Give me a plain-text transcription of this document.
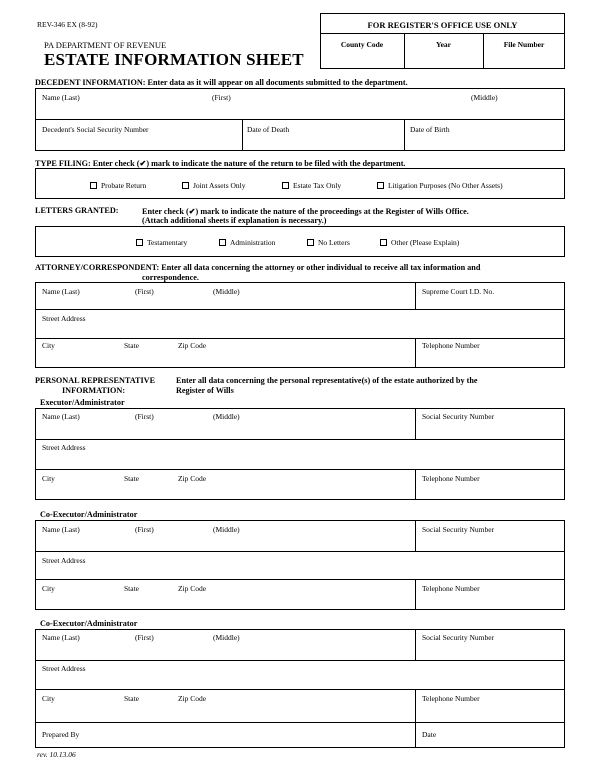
REV-346 EX (8-92)
PA DEPARTMENT OF REVENUE
ESTATE INFORMATION SHEET
FOR REGISTER'S OFFICE USE ONLY
County Code	Year	File Number
DECEDENT INFORMATION: Enter data as it will appear on all documents submitted to the department.
Name (Last)	(First)	(Middle)
Decedent's Social Security Number	Date of Death	Date of Birth
TYPE FILING: Enter check (✔) mark to indicate the nature of the return to be filed with the department.
Probate Return	Joint Assets Only	Estate Tax Only	Litigation Purposes (No Other Assets)
LETTERS GRANTED:	Enter check (✔) mark to indicate the nature of the proceedings at the Register of Wills Office.
(Attach additional sheets if explanation is necessary.)
Testamentary	Administration	No Letters	Other (Please Explain)
ATTORNEY/CORRESPONDENT: Enter all data concerning the attorney or other individual to receive all tax information and
correspondence.
Name (Last)	(First)	(Middle)	Supreme Court I.D. No.
Street Address
City	State	Zip Code	Telephone Number
PERSONAL REPRESENTATIVE
INFORMATION:
Enter all data concerning the personal representative(s) of the estate authorized by the
Register of Wills
Executor/Administrator
Name (Last)	(First)	(Middle)	Social Security Number
Street Address
City	State	Zip Code	Telephone Number
Co-Executor/Administrator
Name (Last)	(First)	(Middle)	Social Security Number
Street Address
City	State	Zip Code	Telephone Number
Co-Executor/Administrator
Name (Last)	(First)	(Middle)	Social Security Number
Street Address
City	State	Zip Code	Telephone Number
Prepared By	Date
rev. 10.13.06
